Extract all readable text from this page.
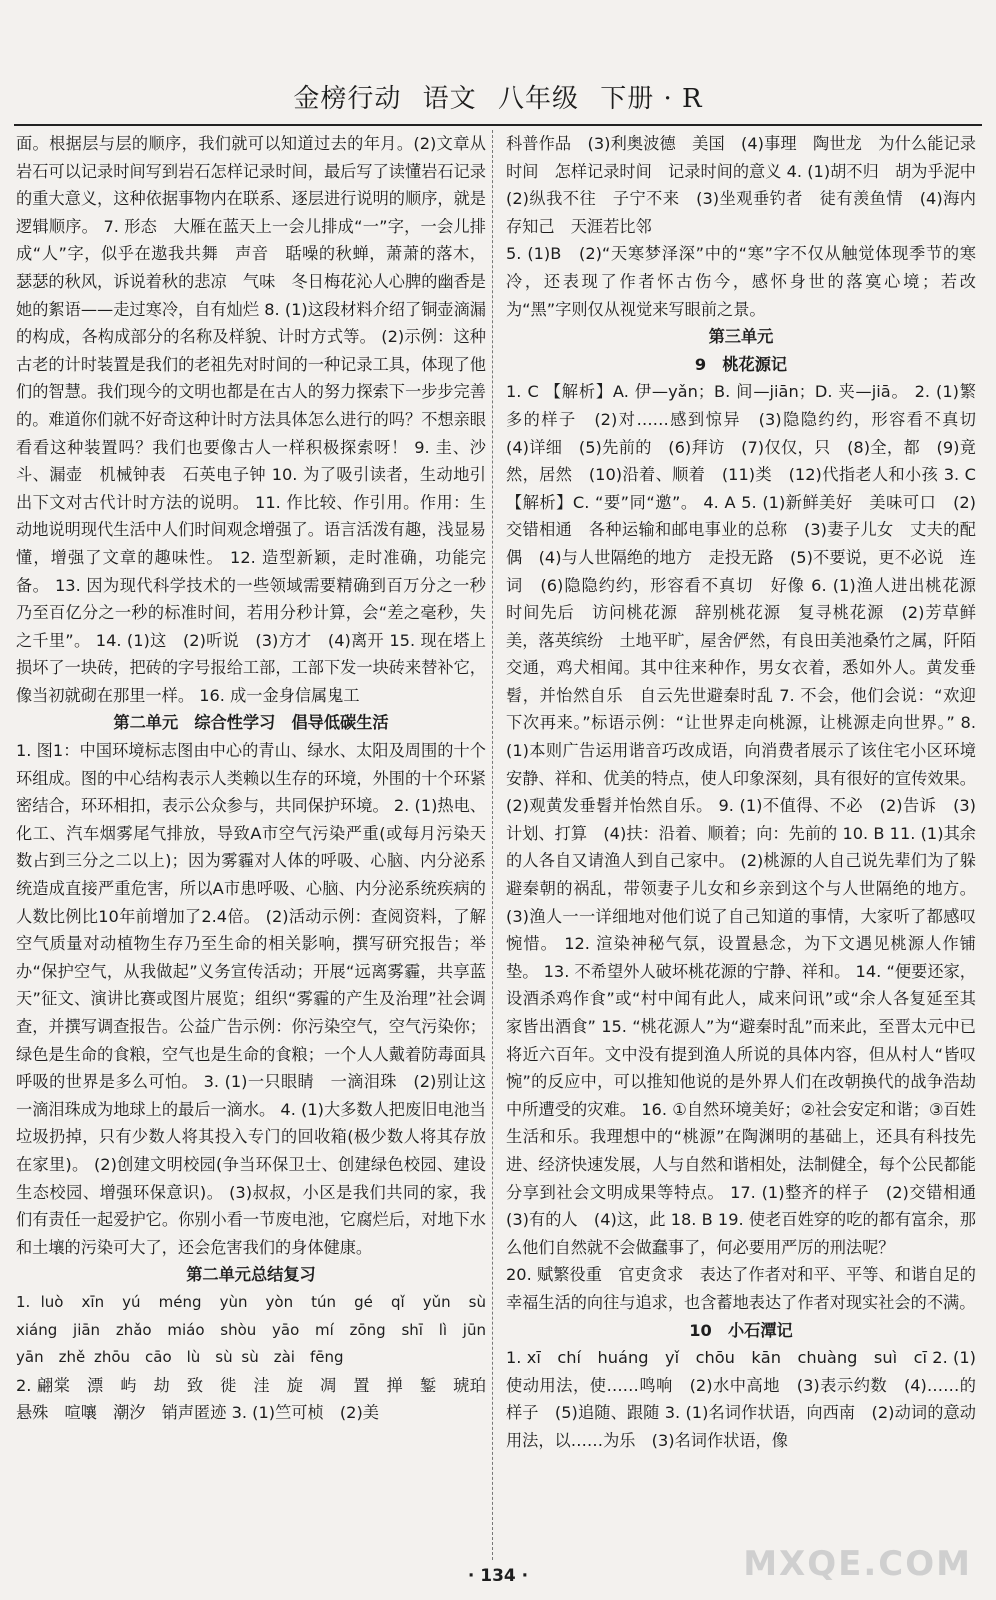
金榜行动 语文 八年级 下册 · R

面。根据层与层的顺序，我们就可以知道过去的年月。(2)文章从岩石可以记录时间写到岩石怎样记录时间，最后写了读懂岩石记录的重大意义，这种依据事物内在联系、逐层进行说明的顺序，就是逻辑顺序。 7. 形态　大雁在蓝天上一会儿排成“一”字，一会儿排成“人”字，似乎在遨我共舞　声音　聒噪的秋蝉，萧萧的落木，瑟瑟的秋风，诉说着秋的悲凉　气味　冬日梅花沁人心脾的幽香是她的絮语——走过寒冷，自有灿烂 8. (1)这段材料介绍了铜壶滴漏的构成，各构成部分的名称及样貌、计时方式等。 (2)示例：这种古老的计时装置是我们的老祖先对时间的一种记录工具，体现了他们的智慧。我们现今的文明也都是在古人的努力探索下一步步完善的。难道你们就不好奇这种计时方法具体怎么进行的吗？不想亲眼看看这种装置吗？我们也要像古人一样积极探索呀！ 9. 圭、沙斗、漏壶　机械钟表　石英电子钟 10. 为了吸引读者，生动地引出下文对古代计时方法的说明。 11. 作比较、作引用。作用：生动地说明现代生活中人们时间观念增强了。语言活泼有趣，浅显易懂，增强了文章的趣味性。 12. 造型新颖，走时准确，功能完备。 13. 因为现代科学技术的一些领域需要精确到百万分之一秒乃至百亿分之一秒的标准时间，若用分秒计算，会“差之毫秒，失之千里”。 14. (1)这　(2)听说　(3)方才　(4)离开 15. 现在塔上损坏了一块砖，把砖的字号报给工部，工部下发一块砖来替补它，像当初就砌在那里一样。 16. 成一金身信属鬼工

第二单元　综合性学习　倡导低碳生活

1. 图1：中国环境标志图由中心的青山、绿水、太阳及周围的十个环组成。图的中心结构表示人类赖以生存的环境，外围的十个环紧密结合，环环相扣，表示公众参与，共同保护环境。 2. (1)热电、化工、汽车烟雾尾气排放，导致A市空气污染严重(或每月污染天数占到三分之二以上)；因为雾霾对人体的呼吸、心脑、内分泌系统造成直接严重危害，所以A市患呼吸、心脑、内分泌系统疾病的人数比例比10年前增加了2.4倍。 (2)活动示例：查阅资料，了解空气质量对动植物生存乃至生命的相关影响，撰写研究报告；举办“保护空气，从我做起”义务宣传活动；开展“远离雾霾，共享蓝天”征文、演讲比赛或图片展览；组织“雾霾的产生及治理”社会调查，并撰写调查报告。公益广告示例：你污染空气，空气污染你；绿色是生命的食粮，空气也是生命的食粮；一个人人戴着防毒面具呼吸的世界是多么可怕。 3. (1)一只眼睛　一滴泪珠　(2)别让这一滴泪珠成为地球上的最后一滴水。 4. (1)大多数人把废旧电池当垃圾扔掉，只有少数人将其投入专门的回收箱(极少数人将其存放在家里)。 (2)创建文明校园(争当环保卫士、创建绿色校园、建设生态校园、增强环保意识)。 (3)叔叔，小区是我们共同的家，我们有责任一起爱护它。你别小看一节废电池，它腐烂后，对地下水和土壤的污染可大了，还会危害我们的身体健康。

第二单元总结复习

1. luò　xīn　yú　méng　yùn　yòn　tún　gé　qǐ　yǔn　sù　xiáng　jiān　zhǎo　miáo　shòu　yāo　mí　zōng　shī　lì　jūn　yān　zhě zhōu　cāo　lù　sù sù　zài　fēng

2. 翩棠　漂　屿　劫　致　徙　洼　旋　凋　置　掸　錾　琥珀　悬殊　喧嚷　潮汐　销声匿迹 3. (1)竺可桢　(2)美

科普作品　(3)利奥波德　美国　(4)事理　陶世龙　为什么能记录时间　怎样记录时间　记录时间的意义 4. (1)胡不归　胡为乎泥中　(2)纵我不往　子宁不来　(3)坐观垂钓者　徒有羡鱼情　(4)海内存知己　天涯若比邻

5. (1)B　(2)“天寒梦泽深”中的“寒”字不仅从触觉体现季节的寒冷，还表现了作者怀古伤今，感怀身世的落寞心境；若改为“黑”字则仅从视觉来写眼前之景。

第三单元

9　桃花源记

1. C 【解析】A. 伊—yǎn；B. 间—jiān；D. 夹—jiā。 2. (1)繁多的样子　(2)对……感到惊异　(3)隐隐约约，形容看不真切　(4)详细　(5)先前的　(6)拜访　(7)仅仅，只　(8)全，都　(9)竟然，居然　(10)沿着、顺着　(11)类　(12)代指老人和小孩 3. C 【解析】C. “要”同“邀”。 4. A 5. (1)新鲜美好　美味可口　(2)交错相通　各种运输和邮电事业的总称　(3)妻子儿女　丈夫的配偶　(4)与人世隔绝的地方　走投无路　(5)不要说，更不必说　连词　(6)隐隐约约，形容看不真切　好像 6. (1)渔人进出桃花源　时间先后　访问桃花源　辞别桃花源　复寻桃花源　(2)芳草鲜美，落英缤纷　土地平旷，屋舍俨然，有良田美池桑竹之属，阡陌交通，鸡犬相闻。其中往来种作，男女衣着，悉如外人。黄发垂髫，并怡然自乐　自云先世避秦时乱 7. 不会，他们会说：“欢迎下次再来。”标语示例：“让世界走向桃源，让桃源走向世界。” 8. (1)本则广告运用谐音巧改成语，向消费者展示了该住宅小区环境安静、祥和、优美的特点，使人印象深刻，具有很好的宣传效果。 (2)观黄发垂髫并怡然自乐。 9. (1)不值得、不必　(2)告诉　(3)计划、打算　(4)扶：沿着、顺着；向：先前的 10. B 11. (1)其余的人各自又请渔人到自己家中。 (2)桃源的人自己说先辈们为了躲避秦朝的祸乱，带领妻子儿女和乡亲到这个与人世隔绝的地方。 (3)渔人一一详细地对他们说了自己知道的事情，大家听了都感叹惋惜。 12. 渲染神秘气氛，设置悬念，为下文遇见桃源人作铺垫。 13. 不希望外人破坏桃花源的宁静、祥和。 14. “便要还家，设酒杀鸡作食”或“村中闻有此人，咸来问讯”或“余人各复延至其家皆出酒食” 15. “桃花源人”为“避秦时乱”而来此，至晋太元中已将近六百年。文中没有提到渔人所说的具体内容，但从村人“皆叹惋”的反应中，可以推知他说的是外界人们在改朝换代的战争浩劫中所遭受的灾难。 16. ①自然环境美好；②社会安定和谐；③百姓生活和乐。我理想中的“桃源”在陶渊明的基础上，还具有科技先进、经济快速发展，人与自然和谐相处，法制健全，每个公民都能分享到社会文明成果等特点。 17. (1)整齐的样子　(2)交错相通　(3)有的人　(4)这，此 18. B 19. 使老百姓穿的吃的都有富余，那么他们自然就不会做蠢事了，何必要用严厉的刑法呢？

20. 赋繁役重　官吏贪求　表达了作者对和平、平等、和谐自足的幸福生活的向往与追求，也含蓄地表达了作者对现实社会的不满。

10　小石潭记

1. xī　chí　huáng　yǐ　chōu　kān　chuàng　suì　cī 2. (1)使动用法，使……鸣响　(2)水中高地　(3)表示约数　(4)……的样子　(5)追随、跟随 3. (1)名词作状语，向西南　(2)动词的意动用法，以……为乐　(3)名词作状语，像

· 134 ·	MXQE.COM
